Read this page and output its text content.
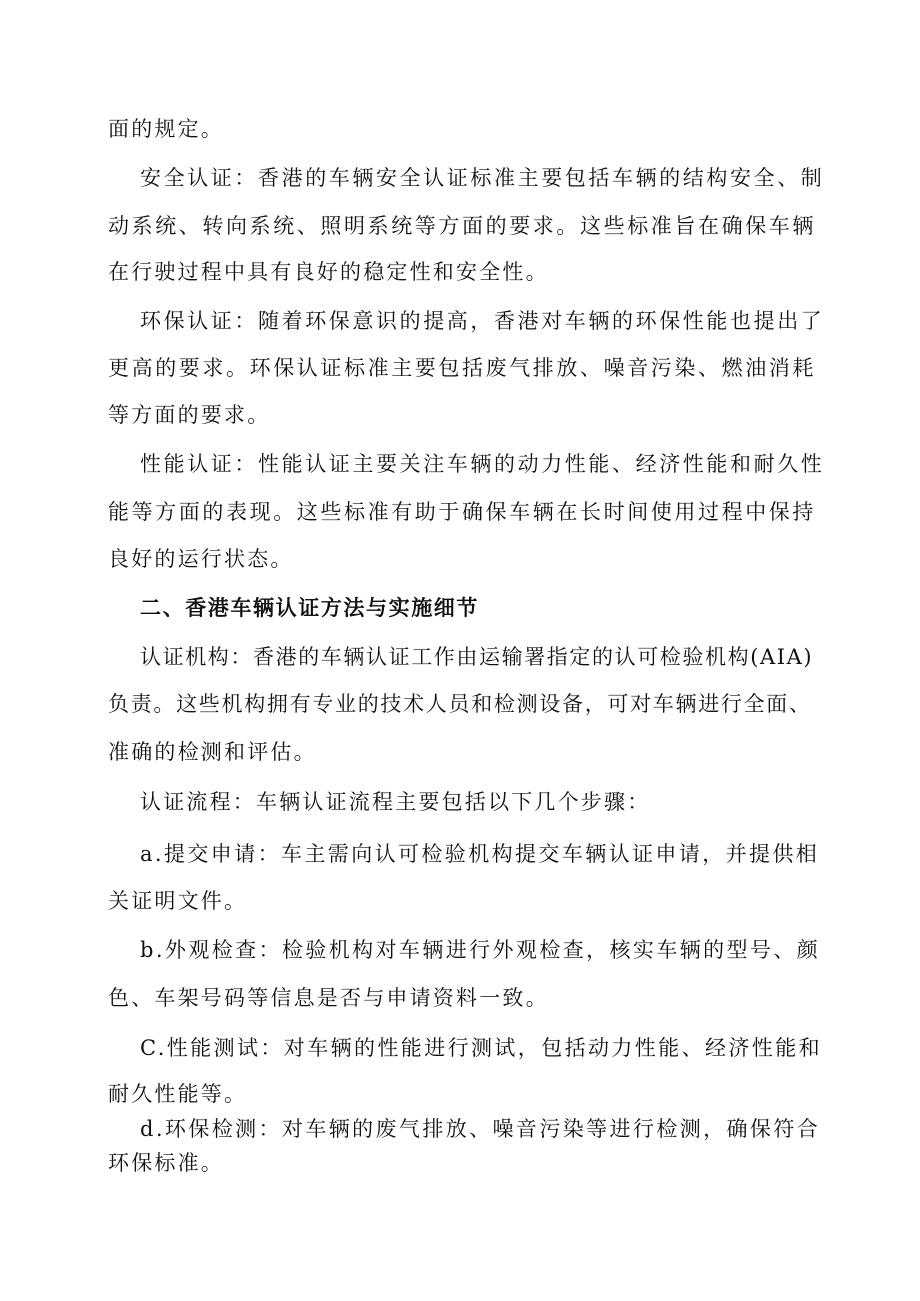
面的规定。

安全认证：香港的车辆安全认证标准主要包括车辆的结构安全、制

动系统、转向系统、照明系统等方面的要求。这些标准旨在确保车辆

在行驶过程中具有良好的稳定性和安全性。

环保认证：随着环保意识的提高，香港对车辆的环保性能也提出了

更高的要求。环保认证标准主要包括废气排放、噪音污染、燃油消耗

等方面的要求。

性能认证：性能认证主要关注车辆的动力性能、经济性能和耐久性

能等方面的表现。这些标准有助于确保车辆在长时间使用过程中保持

良好的运行状态。

二、香港车辆认证方法与实施细节

认证机构：香港的车辆认证工作由运输署指定的认可检验机构(AIA)

负责。这些机构拥有专业的技术人员和检测设备，可对车辆进行全面、

准确的检测和评估。

认证流程：车辆认证流程主要包括以下几个步骤：

a.提交申请：车主需向认可检验机构提交车辆认证申请，并提供相

关证明文件。

b.外观检查：检验机构对车辆进行外观检查，核实车辆的型号、颜

色、车架号码等信息是否与申请资料一致。

C.性能测试：对车辆的性能进行测试，包括动力性能、经济性能和

耐久性能等。

d.环保检测：对车辆的废气排放、噪音污染等进行检测，确保符合

环保标准。
